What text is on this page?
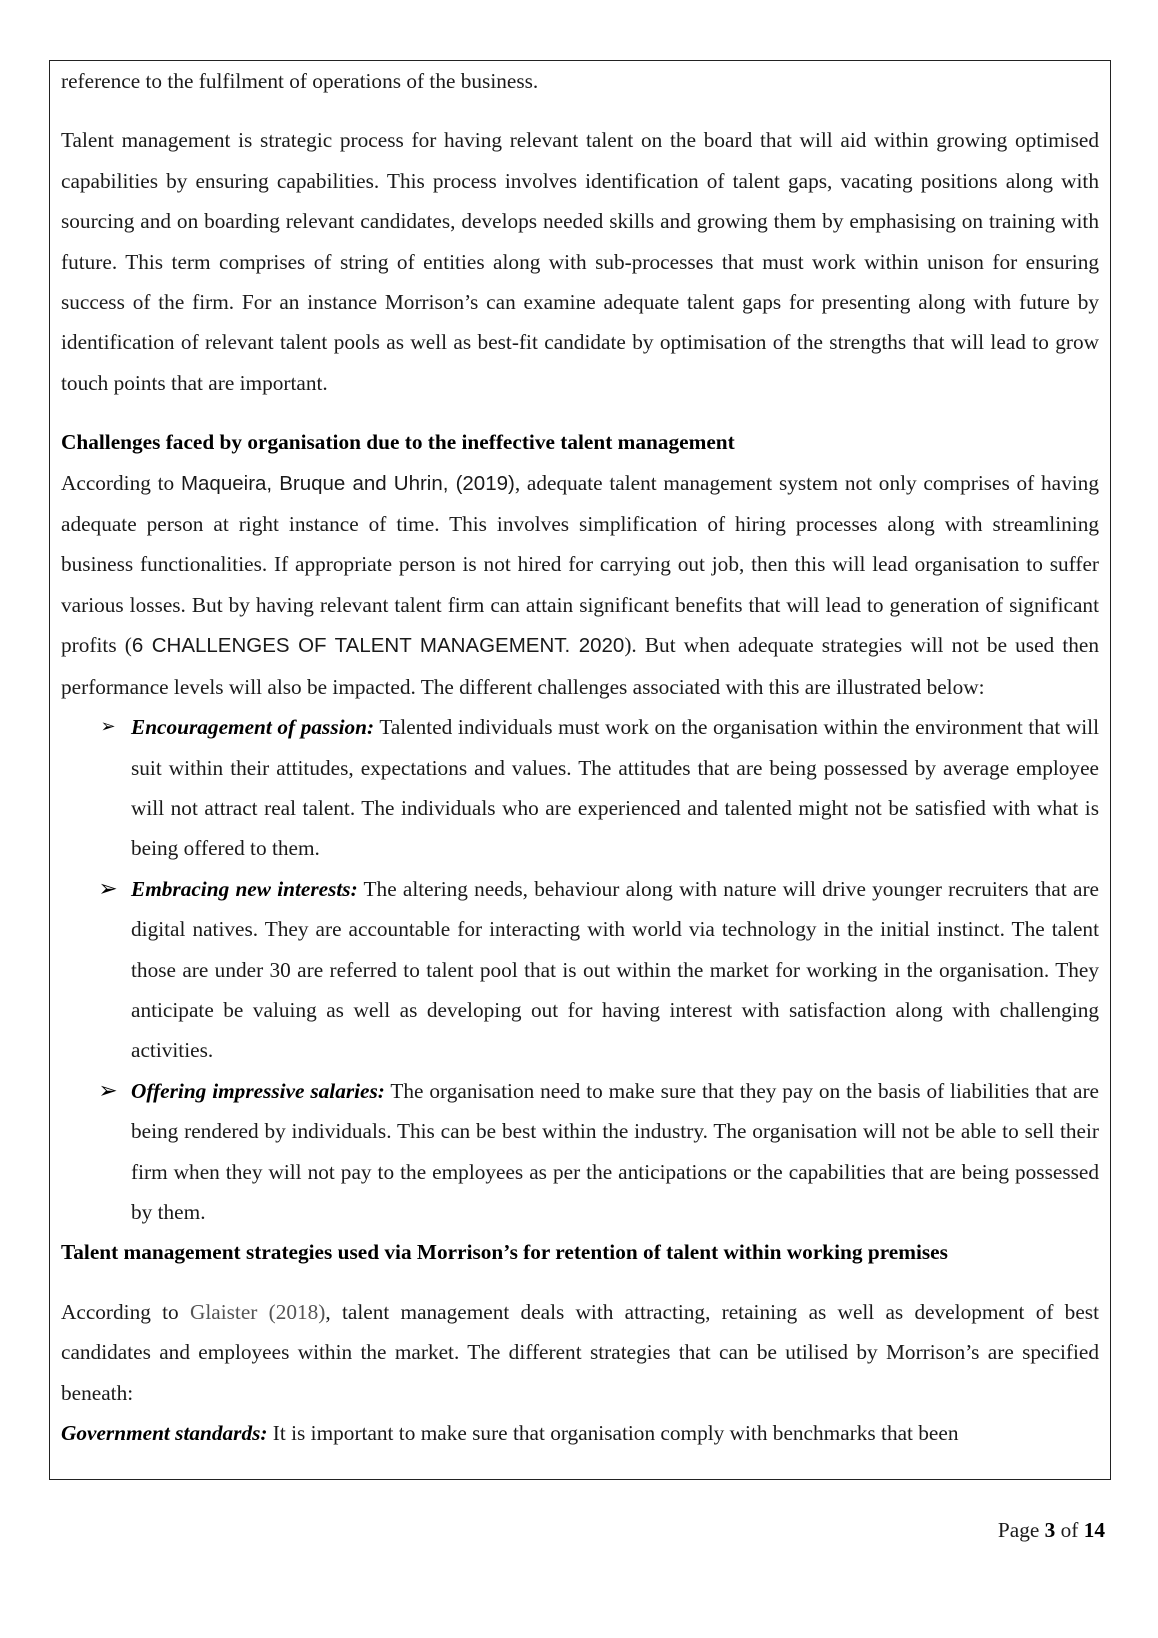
reference to the fulfilment of operations of the business.

Talent management is strategic process for having relevant talent on the board that will aid within growing optimised capabilities by ensuring capabilities. This process involves identification of talent gaps, vacating positions along with sourcing and on boarding relevant candidates, develops needed skills and growing them by emphasising on training with future. This term comprises of string of entities along with sub-processes that must work within unison for ensuring success of the firm. For an instance Morrison’s can examine adequate talent gaps for presenting along with future by identification of relevant talent pools as well as best-fit candidate by optimisation of the strengths that will lead to grow touch points that are important.

Challenges faced by organisation due to the ineffective talent management

According to Maqueira, Bruque and Uhrin, (2019), adequate talent management system not only comprises of having adequate person at right instance of time. This involves simplification of hiring processes along with streamlining business functionalities. If appropriate person is not hired for carrying out job, then this will lead organisation to suffer various losses. But by having relevant talent firm can attain significant benefits that will lead to generation of significant profits (6 CHALLENGES OF TALENT MANAGEMENT. 2020). But when adequate strategies will not be used then performance levels will also be impacted. The different challenges associated with this are illustrated below:

➢ Encouragement of passion: Talented individuals must work on the organisation within the environment that will suit within their attitudes, expectations and values. The attitudes that are being possessed by average employee will not attract real talent. The individuals who are experienced and talented might not be satisfied with what is being offered to them.
➢ Embracing new interests: The altering needs, behaviour along with nature will drive younger recruiters that are digital natives. They are accountable for interacting with world via technology in the initial instinct. The talent those are under 30 are referred to talent pool that is out within the market for working in the organisation. They anticipate be valuing as well as developing out for having interest with satisfaction along with challenging activities.
➢ Offering impressive salaries: The organisation need to make sure that they pay on the basis of liabilities that are being rendered by individuals. This can be best within the industry. The organisation will not be able to sell their firm when they will not pay to the employees as per the anticipations or the capabilities that are being possessed by them.

Talent management strategies used via Morrison’s for retention of talent within working premises

According to Glaister (2018), talent management deals with attracting, retaining as well as development of best candidates and employees within the market. The different strategies that can be utilised by Morrison’s are specified beneath:

Government standards: It is important to make sure that organisation comply with benchmarks that been

Page 3 of 14
